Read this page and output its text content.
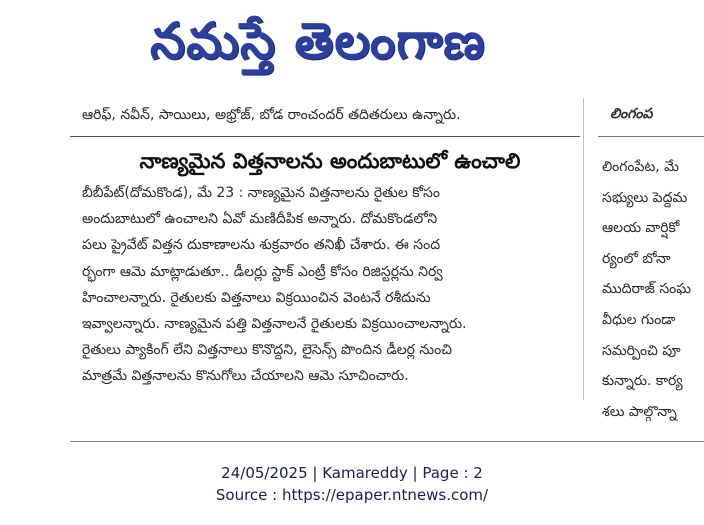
నమస్తే తెలంగాణ
ఆరిఫ్, నవీన్, సాయిలు, అభ్రోజ్, బోడ రాంచందర్ తదితరులు ఉన్నారు.
నాణ్యమైన విత్తనాలను అందుబాటులో ఉంచాలి
బీబీపేట్(దోమకొండ), మే 23 : నాణ్యమైన విత్తనాలను రైతుల కోసం
అందుబాటులో ఉంచాలని ఏవో మణిదీపిక అన్నారు. దోమకొండలోని
పలు ప్రైవేట్ విత్తన దుకాణాలను శుక్రవారం తనిఖీ చేశారు. ఈ సంద
ర్భంగా ఆమె మాట్లాడుతూ.. డీలర్లు స్టాక్ ఎంట్రీ కోసం రిజిస్టర్లను నిర్వ
హించాలన్నారు. రైతులకు విత్తనాలు విక్రయించిన వెంటనే రశీదును
ఇవ్వాలన్నారు. నాణ్యమైన పత్తి విత్తనాలనే రైతులకు విక్రయించాలన్నారు.
రైతులు ప్యాకింగ్ లేని విత్తనాలు కొనొద్దని, లైసెన్స్ పొందిన డీలర్ల నుంచి
మాత్రమే విత్తనాలను కొనుగోలు చేయాలని ఆమె సూచించారు.
లింగంప
లింగంపేట, మే
సభ్యులు పెద్దమ
ఆలయ వార్షికో
ర్యంలో బోనా
ముదిరాజ్ సంఘ
వీధుల గుండా
సమర్పించి పూ
కున్నారు. కార్య
శలు పాల్గొన్నా
24/05/2025 | Kamareddy | Page : 2
Source : https://epaper.ntnews.com/
